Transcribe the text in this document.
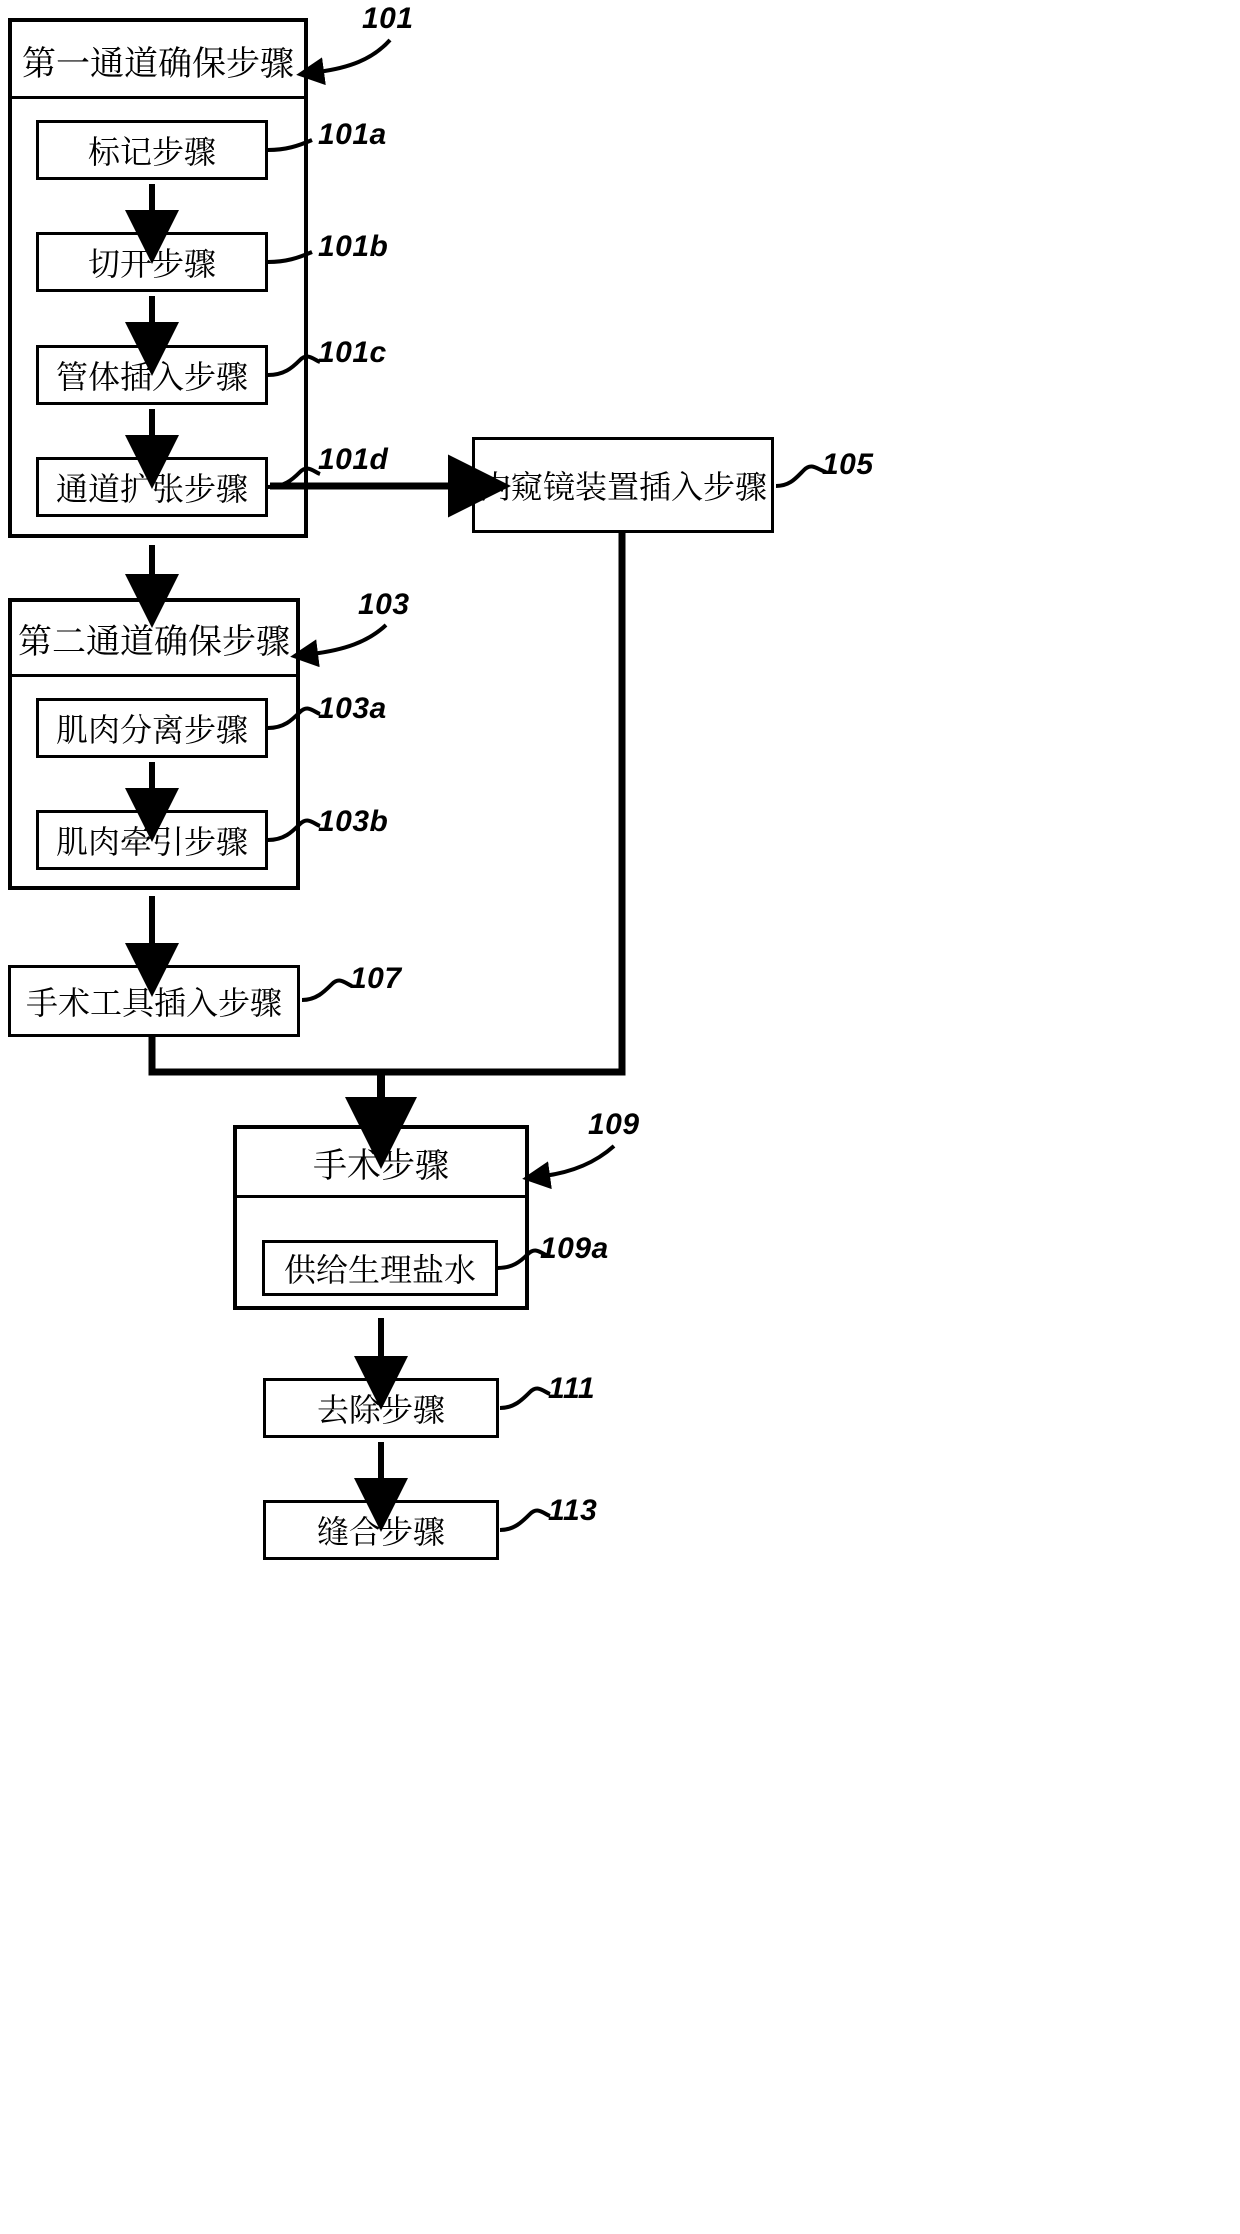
第一通道确保步骤
标记步骤
切开步骤
管体插入步骤
通道扩张步骤	内窥镜装置插入步骤
第二通道确保步骤
肌肉分离步骤
肌肉牵引步骤
手术工具插入步骤
手术步骤
供给生理盐水
去除步骤
缝合步骤
101
101a
101b
101c
101d	105
103
103a
103b
107
109
109a
111
113
